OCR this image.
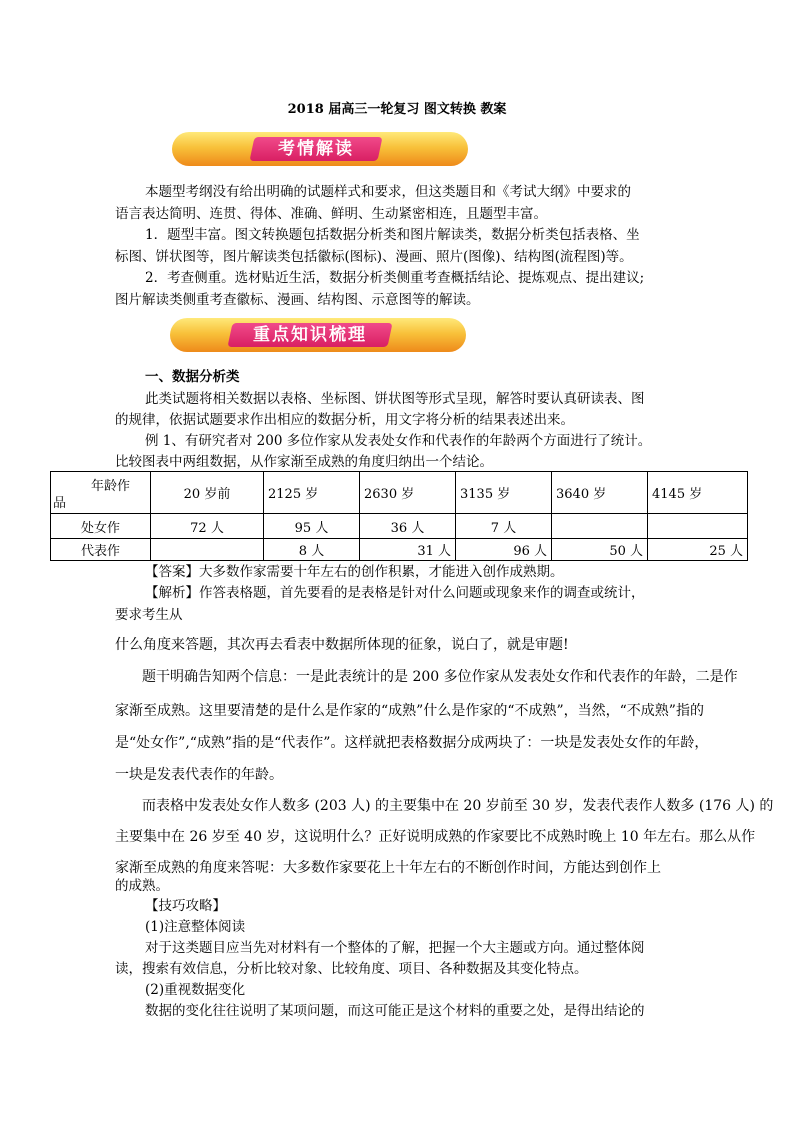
2018 届高三一轮复习 图文转换 教案
考情解读
本题型考纲没有给出明确的试题样式和要求，但这类题目和《考试大纲》中要求的
语言表达简明、连贯、得体、准确、鲜明、生动紧密相连，且题型丰富。
1．题型丰富。图文转换题包括数据分析类和图片解读类，数据分析类包括表格、坐
标图、饼状图等，图片解读类包括徽标(图标)、漫画、照片(图像)、结构图(流程图)等。
2．考查侧重。选材贴近生活，数据分析类侧重考查概括结论、提炼观点、提出建议;
图片解读类侧重考查徽标、漫画、结构图、示意图等的解读。
重点知识梳理
一、数据分析类
此类试题将相关数据以表格、坐标图、饼状图等形式呈现，解答时要认真研读表、图
的规律，依据试题要求作出相应的数据分析，用文字将分析的结果表述出来。
例 1、有研究者对 200 多位作家从发表处女作和代表作的年龄两个方面进行了统计。
比较图表中两组数据，从作家渐至成熟的角度归纳出一个结论。
年龄作
品	20 岁前	2125 岁	2630 岁	3135 岁	3640 岁	4145 岁
处女作	72 人	95 人	36 人	7 人		
代表作		8 人	31 人	96 人	50 人	25 人
【答案】大多数作家需要十年左右的创作积累，才能进入创作成熟期。
【解析】作答表格题，首先要看的是表格是针对什么问题或现象来作的调查或统计，
要求考生从
什么角度来答题，其次再去看表中数据所体现的征象，说白了，就是审题!
题干明确告知两个信息：一是此表统计的是 200 多位作家从发表处女作和代表作的年龄，二是作
家渐至成熟。这里要清楚的是什么是作家的“成熟”什么是作家的“不成熟”，当然，“不成熟”指的
是“处女作”,“成熟”指的是“代表作”。这样就把表格数据分成两块了：一块是发表处女作的年龄，
一块是发表代表作的年龄。
而表格中发表处女作人数多 (203 人) 的主要集中在 20 岁前至 30 岁，发表代表作人数多 (176 人) 的
主要集中在 26 岁至 40 岁，这说明什么？正好说明成熟的作家要比不成熟时晚上 10 年左右。那么从作
家渐至成熟的角度来答呢：大多数作家要花上十年左右的不断创作时间，方能达到创作上
的成熟。
【技巧攻略】
(1)注意整体阅读
对于这类题目应当先对材料有一个整体的了解，把握一个大主题或方向。通过整体阅
读，搜索有效信息，分析比较对象、比较角度、项目、各种数据及其变化特点。
(2)重视数据变化
数据的变化往往说明了某项问题，而这可能正是这个材料的重要之处，是得出结论的
